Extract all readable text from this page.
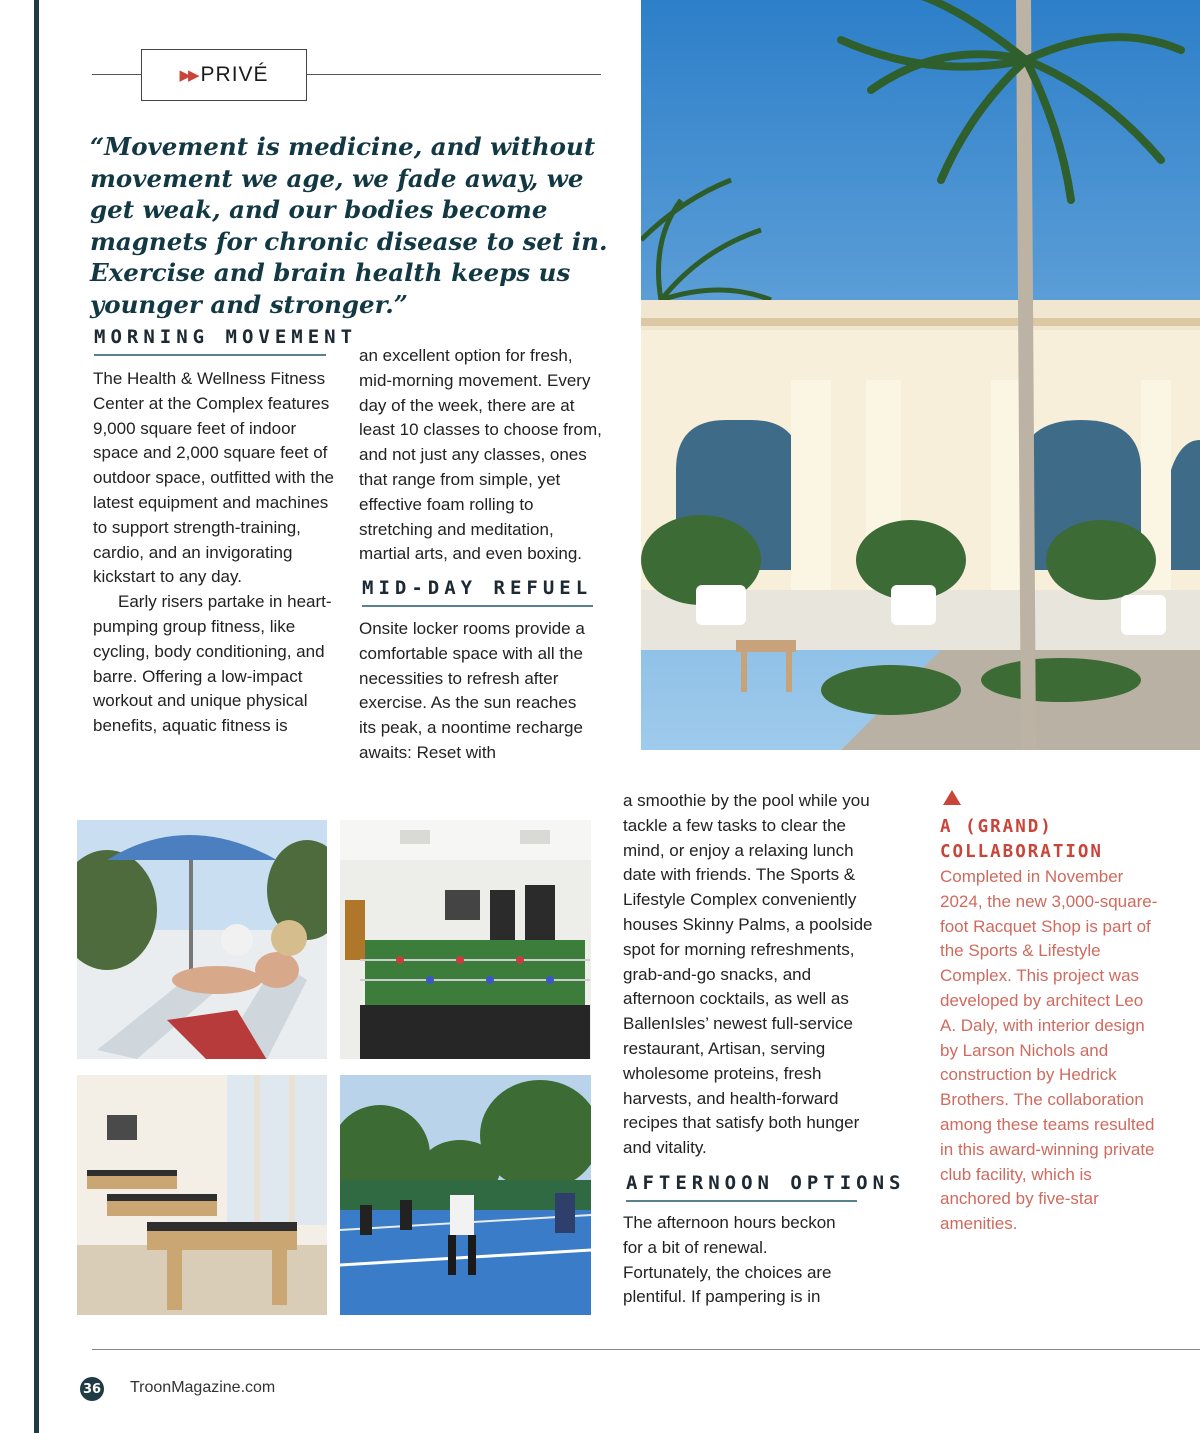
▶▶ PRIVÉ
“Movement is medicine, and without movement we age, we fade away, we get weak, and our bodies become magnets for chronic disease to set in. Exercise and brain health keeps us younger and stronger.”
MORNING MOVEMENT

The Health & Wellness Fitness Center at the Complex features 9,000 square feet of indoor space and 2,000 square feet of outdoor space, outfitted with the latest equipment and machines to support strength-training, cardio, and an invigorating kickstart to any day.

Early risers partake in heart-pumping group fitness, like cycling, body conditioning, and barre. Offering a low-impact workout and unique physical benefits, aquatic fitness is

an excellent option for fresh, mid-morning movement. Every day of the week, there are at least 10 classes to choose from, and not just any classes, ones that range from simple, yet effective foam rolling to stretching and meditation, martial arts, and even boxing.

MID-DAY REFUEL

Onsite locker rooms provide a comfortable space with all the necessities to refresh after exercise. As the sun reaches its peak, a noontime recharge awaits: Reset with

a smoothie by the pool while you tackle a few tasks to clear the mind, or enjoy a relaxing lunch date with friends. The Sports & Lifestyle Complex conveniently houses Skinny Palms, a poolside spot for morning refreshments, grab-and-go snacks, and afternoon cocktails, as well as BallenIsles’ newest full-service restaurant, Artisan, serving wholesome proteins, fresh harvests, and health-forward recipes that satisfy both hunger and vitality.

AFTERNOON OPTIONS

The afternoon hours beckon for a bit of renewal. Fortunately, the choices are plentiful. If pampering is in

A (GRAND)
COLLABORATION
Completed in November 2024, the new 3,000-square-foot Racquet Shop is part of the Sports & Lifestyle Complex. This project was developed by architect Leo A. Daly, with interior design by Larson Nichols and construction by Hedrick Brothers. The collaboration among these teams resulted in this award-winning private club facility, which is anchored by five-star amenities.
36 TroonMagazine.com
